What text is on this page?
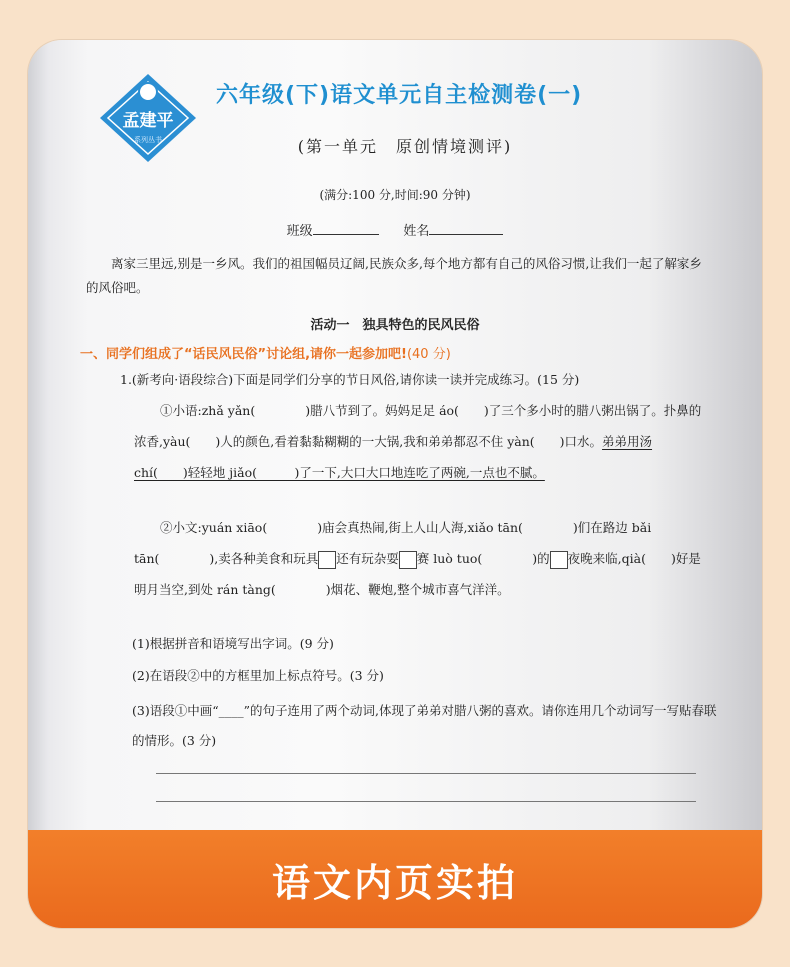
孟建平
系列丛书
六年级(下)语文单元自主检测卷(一)
(第一单元　原创情境测评)
(满分:100 分,时间:90 分钟)
班级	姓名
离家三里远,别是一乡风。我们的祖国幅员辽阔,民族众多,每个地方都有自己的风俗习惯,让我们一起了解家乡的风俗吧。
活动一　独具特色的民风民俗
一、同学们组成了“话民风民俗”讨论组,请你一起参加吧!(40 分)
1.(新考向·语段综合)下面是同学们分享的节日风俗,请你读一读并完成练习。(15 分)
①小语:zhǎ yǎn(　　　　)腊八节到了。妈妈足足 áo(　　)了三个多小时的腊八粥出锅了。扑鼻的浓香,yàu(　　)人的颜色,看着黏黏糊糊的一大锅,我和弟弟都忍不住 yàn(　　)口水。弟弟用汤 chí(　　)轻轻地 jiǎo(　　　)了一下,大口大口地连吃了两碗,一点也不腻。
②小文:yuán xiāo(　　　　)庙会真热闹,街上人山人海,xiǎo tān(　　　　)们在路边 bǎi tān(　　　　),卖各种美食和玩具 还有玩杂耍 赛 luò tuo(　　　　)的 夜晚来临,qià(　　)好是明月当空,到处 rán tàng(　　　　)烟花、鞭炮,整个城市喜气洋洋。
(1)根据拼音和语境写出字词。(9 分)
(2)在语段②中的方框里加上标点符号。(3 分)
(3)语段①中画“____”的句子连用了两个动词,体现了弟弟对腊八粥的喜欢。请你连用几个动词写一写贴春联的情形。(3 分)
语文内页实拍
